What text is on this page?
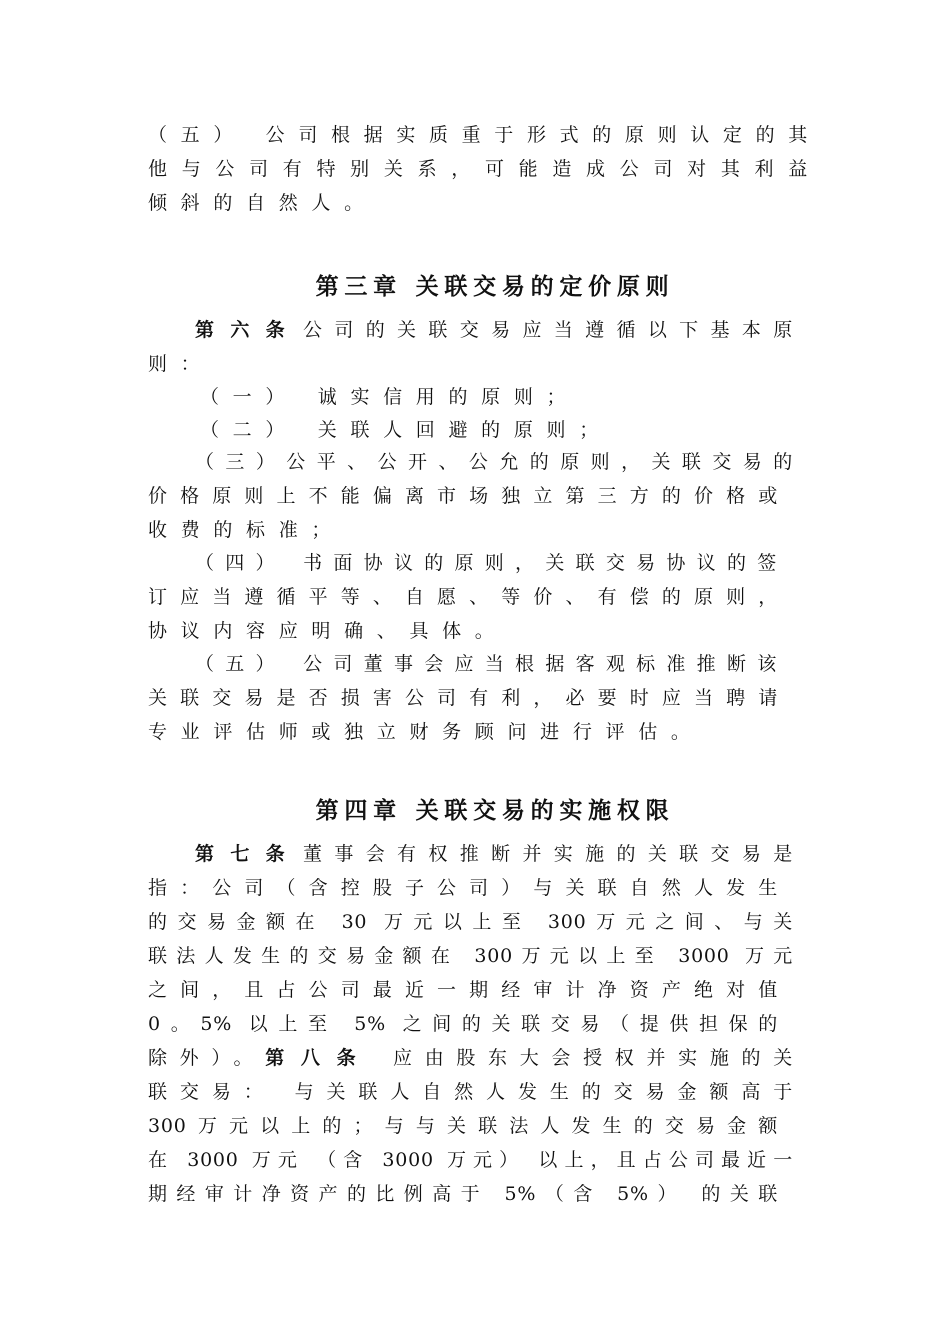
（五） 公司根据实质重于形式的原则认定的其
他与公司有特别关系，可能造成公司对其利益
倾斜的自然人。
第三章 关联交易的定价原则
第六条 公司的关联交易应当遵循以下基本原
则：
（一） 诚实信用的原则；
（二） 关联人回避的原则；
（三）公平、公开、公允的原则，关联交易的
价格原则上不能偏离市场独立第三方的价格或
收费的标准；
（四） 书面协议的原则，关联交易协议的签
订应当遵循平等、自愿、等价、有偿的原则，
协议内容应明确、具体。
（五） 公司董事会应当根据客观标准推断该
关联交易是否损害公司有利，必要时应当聘请
专业评估师或独立财务顾问进行评估。
第四章 关联交易的实施权限
第七条 董事会有权推断并实施的关联交易是
指：公司（含控股子公司）与关联自然人发生
的交易金额在 30 万元以上至 300万元之间、与关
联法人发生的交易金额在 300万元以上至 3000 万元
之间，且占公司最近一期经审计净资产绝对值
0。5% 以上至 5% 之间的关联交易（提供担保的
除外）。第八条 应由股东大会授权并实施的关
联交易： 与关联人自然人发生的交易金额高于
300万元以上的；与与关联法人发生的交易金额
在 3000 万元 （含 3000 万元） 以上，且占公司最近一
期经审计净资产的比例高于 5%（含 5%） 的关联
